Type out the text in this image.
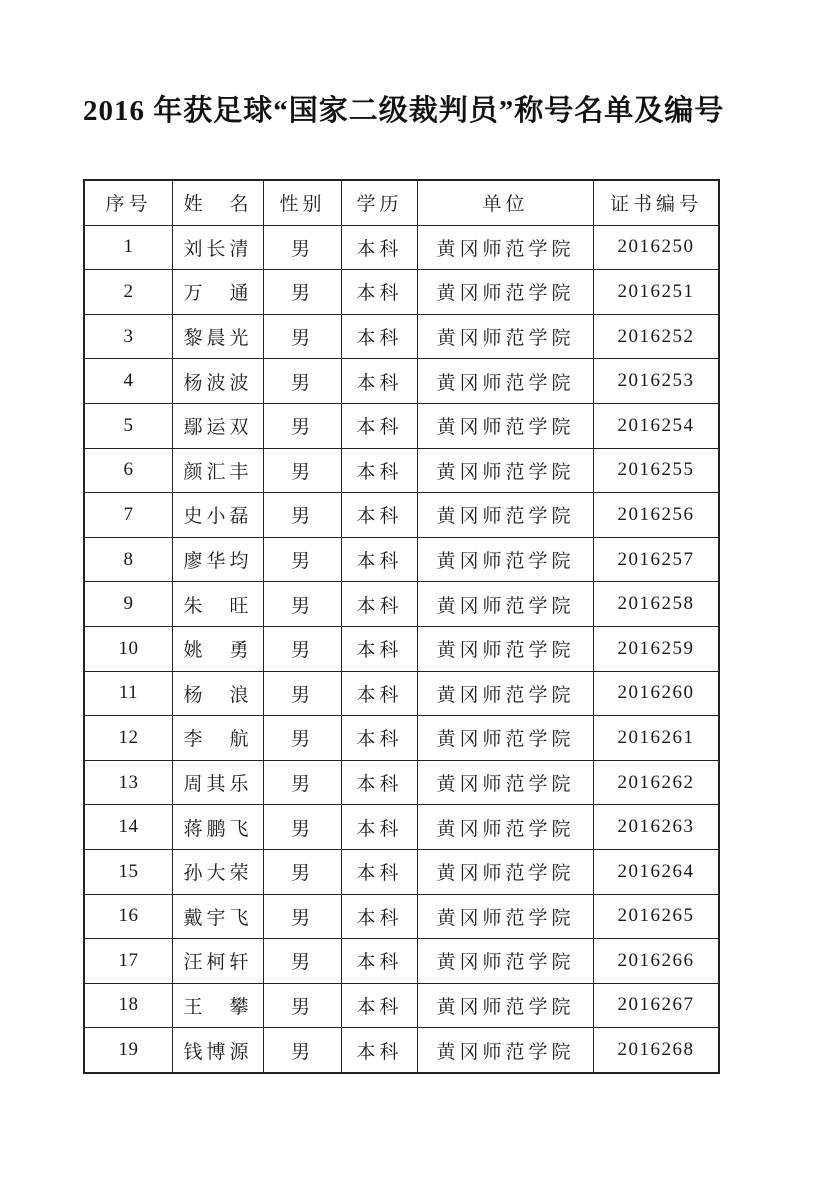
2016 年获足球“国家二级裁判员”称号名单及编号
序号	姓　名	性别	学历	单位	证书编号
1	刘长清	男	本科	黄冈师范学院	2016250
2	万　通	男	本科	黄冈师范学院	2016251
3	黎晨光	男	本科	黄冈师范学院	2016252
4	杨波波	男	本科	黄冈师范学院	2016253
5	鄢运双	男	本科	黄冈师范学院	2016254
6	颜汇丰	男	本科	黄冈师范学院	2016255
7	史小磊	男	本科	黄冈师范学院	2016256
8	廖华均	男	本科	黄冈师范学院	2016257
9	朱　旺	男	本科	黄冈师范学院	2016258
10	姚　勇	男	本科	黄冈师范学院	2016259
11	杨　浪	男	本科	黄冈师范学院	2016260
12	李　航	男	本科	黄冈师范学院	2016261
13	周其乐	男	本科	黄冈师范学院	2016262
14	蒋鹏飞	男	本科	黄冈师范学院	2016263
15	孙大荣	男	本科	黄冈师范学院	2016264
16	戴宇飞	男	本科	黄冈师范学院	2016265
17	汪柯轩	男	本科	黄冈师范学院	2016266
18	王　攀	男	本科	黄冈师范学院	2016267
19	钱博源	男	本科	黄冈师范学院	2016268
